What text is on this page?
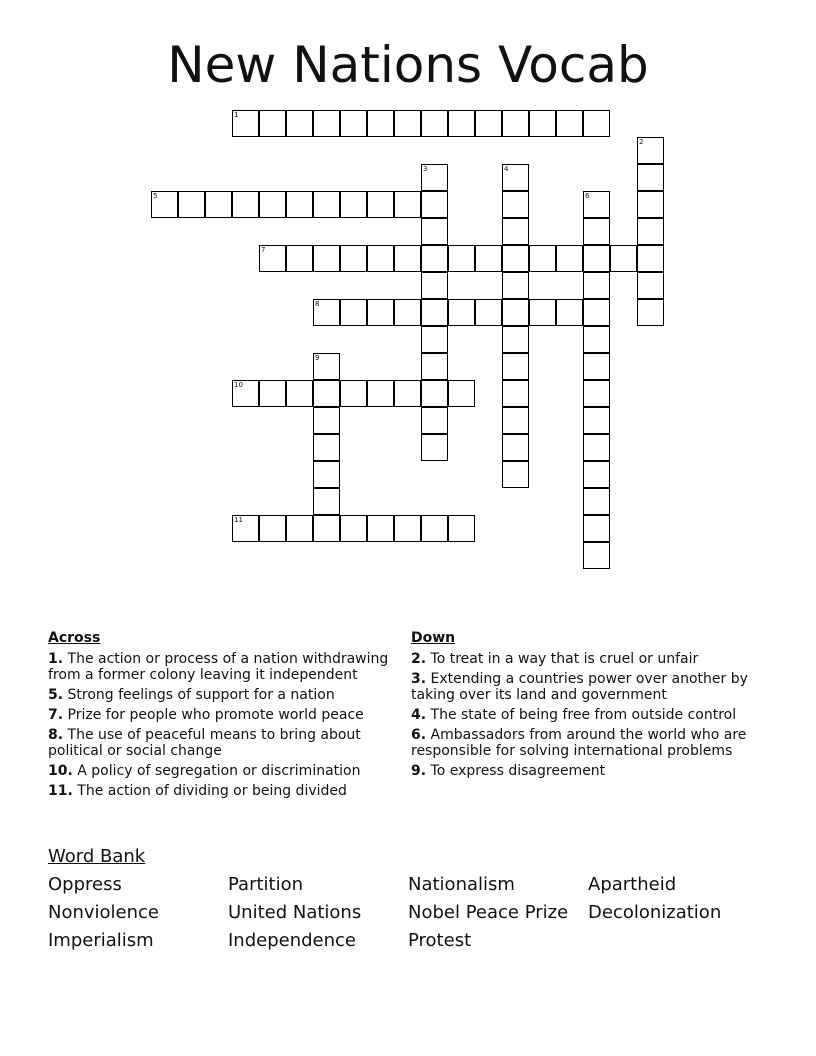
New Nations Vocab
1
2
3	4
5	6
7
8
9
10
11
Across
1. The action or process of a nation withdrawing from a former colony leaving it independent
5. Strong feelings of support for a nation
7. Prize for people who promote world peace
8. The use of peaceful means to bring about political or social change
10. A policy of segregation or discrimination
11. The action of dividing or being divided
Down
2. To treat in a way that is cruel or unfair
3. Extending a countries power over another by taking over its land and government
4. The state of being free from outside control
6. Ambassadors from around the world who are responsible for solving international problems
9. To express disagreement
Word Bank
Oppress	Partition	Nationalism	Apartheid
Nonviolence	United Nations	Nobel Peace Prize	Decolonization
Imperialism	Independence	Protest
